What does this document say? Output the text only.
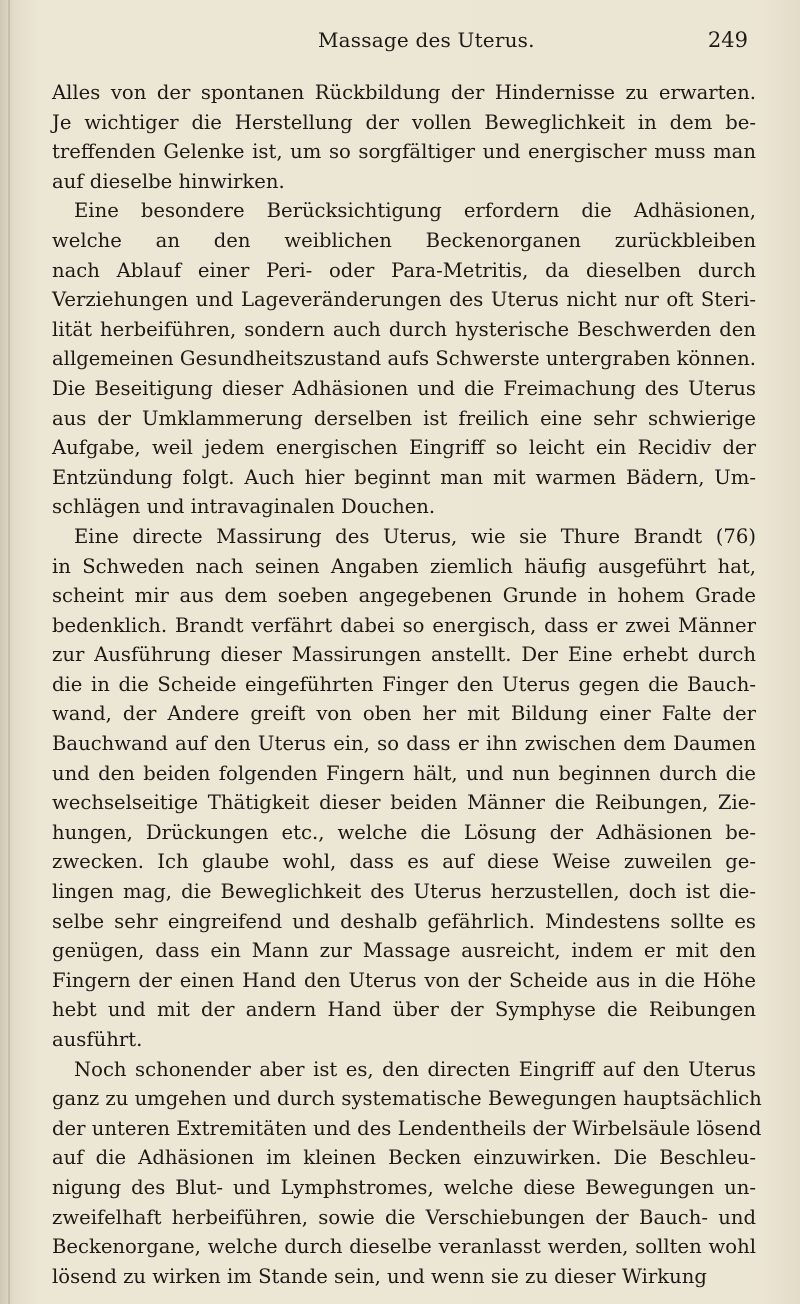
Massage des Uterus.	249
Alles von der spontanen Rückbildung der Hindernisse zu erwarten.
Je wichtiger die Herstellung der vollen Beweglichkeit in dem be-
treffenden Gelenke ist, um so sorgfältiger und energischer muss man
auf dieselbe hinwirken.
Eine besondere Berücksichtigung erfordern die Adhäsionen,
welche an den weiblichen Beckenorganen zurückbleiben
nach Ablauf einer Peri- oder Para-Metritis, da dieselben durch
Verziehungen und Lageveränderungen des Uterus nicht nur oft Steri-
lität herbeiführen, sondern auch durch hysterische Beschwerden den
allgemeinen Gesundheitszustand aufs Schwerste untergraben können.
Die Beseitigung dieser Adhäsionen und die Freimachung des Uterus
aus der Umklammerung derselben ist freilich eine sehr schwierige
Aufgabe, weil jedem energischen Eingriff so leicht ein Recidiv der
Entzündung folgt. Auch hier beginnt man mit warmen Bädern, Um-
schlägen und intravaginalen Douchen.
Eine directe Massirung des Uterus, wie sie Thure Brandt (76)
in Schweden nach seinen Angaben ziemlich häufig ausgeführt hat,
scheint mir aus dem soeben angegebenen Grunde in hohem Grade
bedenklich. Brandt verfährt dabei so energisch, dass er zwei Männer
zur Ausführung dieser Massirungen anstellt. Der Eine erhebt durch
die in die Scheide eingeführten Finger den Uterus gegen die Bauch-
wand, der Andere greift von oben her mit Bildung einer Falte der
Bauchwand auf den Uterus ein, so dass er ihn zwischen dem Daumen
und den beiden folgenden Fingern hält, und nun beginnen durch die
wechselseitige Thätigkeit dieser beiden Männer die Reibungen, Zie-
hungen, Drückungen etc., welche die Lösung der Adhäsionen be-
zwecken. Ich glaube wohl, dass es auf diese Weise zuweilen ge-
lingen mag, die Beweglichkeit des Uterus herzustellen, doch ist die-
selbe sehr eingreifend und deshalb gefährlich. Mindestens sollte es
genügen, dass ein Mann zur Massage ausreicht, indem er mit den
Fingern der einen Hand den Uterus von der Scheide aus in die Höhe
hebt und mit der andern Hand über der Symphyse die Reibungen
ausführt.
Noch schonender aber ist es, den directen Eingriff auf den Uterus
ganz zu umgehen und durch systematische Bewegungen hauptsächlich
der unteren Extremitäten und des Lendentheils der Wirbelsäule lösend
auf die Adhäsionen im kleinen Becken einzuwirken. Die Beschleu-
nigung des Blut- und Lymphstromes, welche diese Bewegungen un-
zweifelhaft herbeiführen, sowie die Verschiebungen der Bauch- und
Beckenorgane, welche durch dieselbe veranlasst werden, sollten wohl
lösend zu wirken im Stande sein, und wenn sie zu dieser Wirkung
